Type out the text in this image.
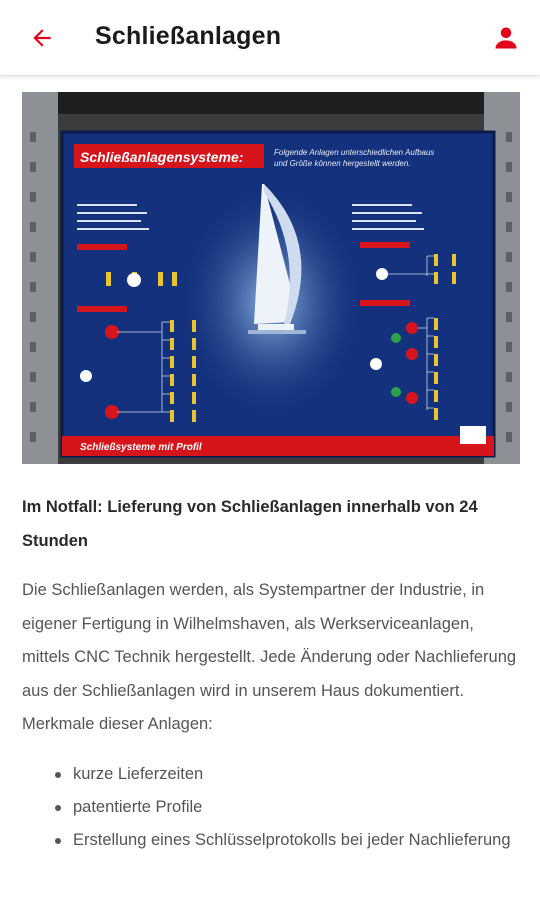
Schließanlagen
Schließanlagensysteme:	Folgende Anlagen unterschiedlichen Aufbaus
und Größe können hergestellt werden.
Schließsysteme mit Profil

Im Notfall: Lieferung von Schließanlagen innerhalb von 24 Stunden

Die Schließanlagen werden, als Systempartner der Industrie, in eigener Fertigung in Wilhelmshaven, als Werkserviceanlagen, mittels CNC Technik hergestellt. Jede Änderung oder Nachlieferung aus der Schließanlagen wird in unserem Haus dokumentiert. Merkmale dieser Anlagen:

kurze Lieferzeiten
patentierte Profile
Erstellung eines Schlüsselprotokolls bei jeder Nachlieferung
